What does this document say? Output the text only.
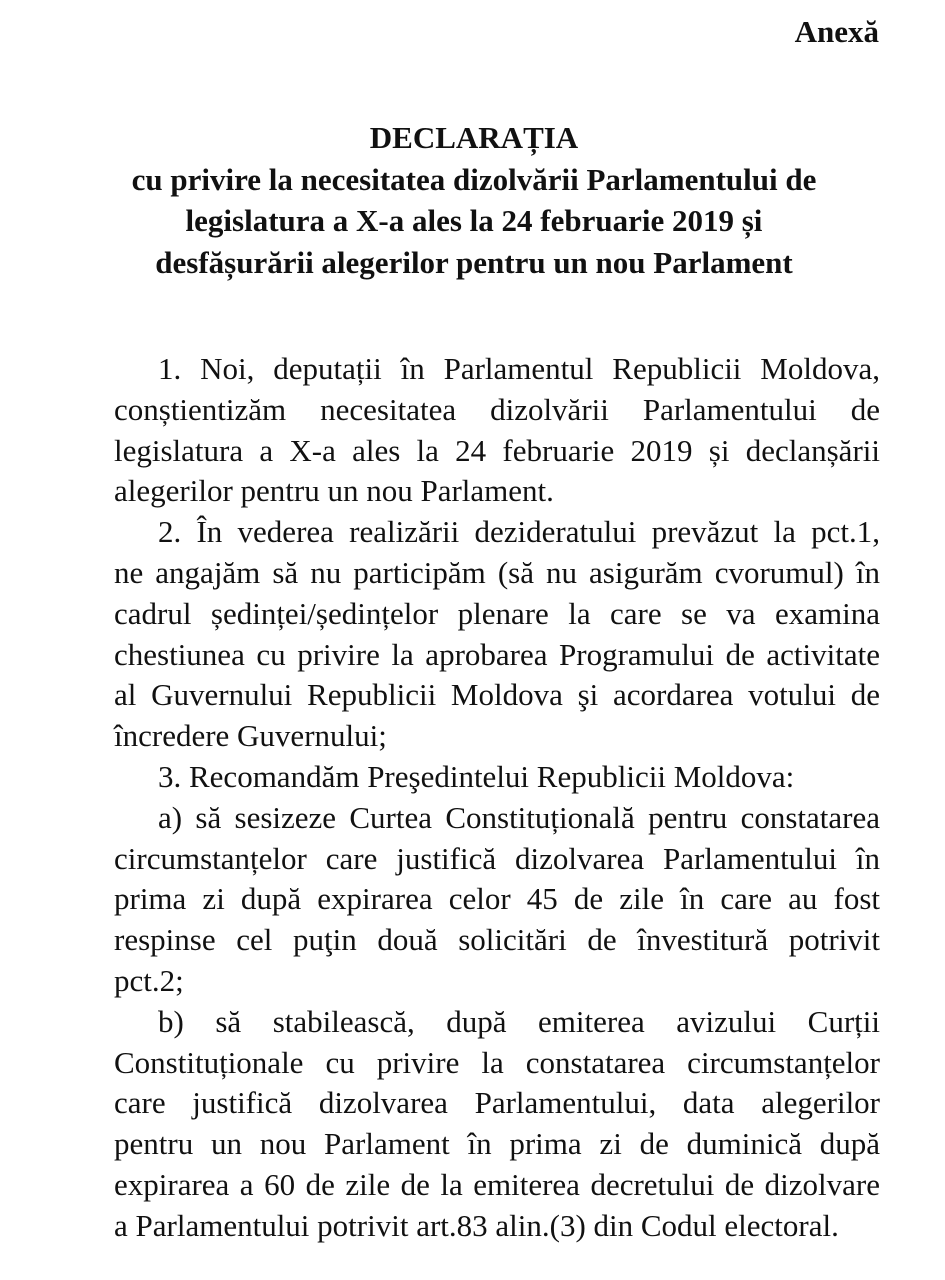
Anexă
DECLARAȚIA
cu privire la necesitatea dizolvării Parlamentului de
legislatura a X-a ales la 24 februarie 2019 și
desfășurării alegerilor pentru un nou Parlament
1. Noi, deputații în Parlamentul Republicii Moldova,
conștientizăm necesitatea dizolvării Parlamentului de
legislatura a X-a ales la 24 februarie 2019 și declanșării
alegerilor pentru un nou Parlament.
2. În vederea realizării dezideratului prevăzut la pct.1,
ne angajăm să nu participăm (să nu asigurăm cvorumul) în
cadrul ședinței/ședințelor plenare la care se va examina
chestiunea cu privire la aprobarea Programului de activitate
al Guvernului Republicii Moldova şi acordarea votului de
încredere Guvernului;
3. Recomandăm Preşedintelui Republicii Moldova:
a) să sesizeze Curtea Constituțională pentru constatarea
circumstanțelor care justifică dizolvarea Parlamentului în
prima zi după expirarea celor 45 de zile în care au fost
respinse cel puţin două solicitări de învestitură potrivit
pct.2;
b) să stabilească, după emiterea avizului Curții
Constituționale cu privire la constatarea circumstanțelor
care justifică dizolvarea Parlamentului, data alegerilor
pentru un nou Parlament în prima zi de duminică după
expirarea a 60 de zile de la emiterea decretului de dizolvare
a Parlamentului potrivit art.83 alin.(3) din Codul electoral.
